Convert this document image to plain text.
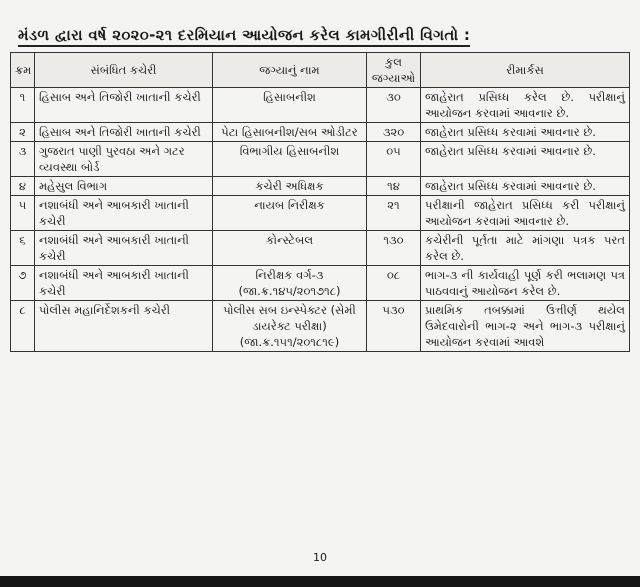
મંડળ દ્વારા વર્ષ ૨૦૨૦-૨૧ દરમિયાન આયોજન કરેલ કામગીરીની વિગતો :
ક્રમ	સંબંધિત કચેરી	જગ્યાનું નામ	કુલ જગ્યાઓ	રીમાર્કસ
૧	હિસાબ અને તિજોરી ખાતાની કચેરી	હિસાબનીશ	૩૦	જાહેરાત પ્રસિધ્ધ કરેલ છે. પરીક્ષાનું આયોજન કરવામાં આવનાર છે.
૨	હિસાબ અને તિજોરી ખાતાની કચેરી	પેટા હિસાબનીશ/સબ ઓડીટર	૩૨૦	જાહેરાત પ્રસિધ્ધ કરવામાં આવનાર છે.
૩	ગુજરાત પાણી પુરવઠા અને ગટર વ્યવસ્થા બોર્ડ	વિભાગીય હિસાબનીશ	૦૫	જાહેરાત પ્રસિધ્ધ કરવામાં આવનાર છે.
૪	મહેસુલ વિભાગ	કચેરી અધિક્ષક	૧૪	જાહેરાત પ્રસિધ્ધ કરવામાં આવનાર છે.
૫	નશાબંધી અને આબકારી ખાતાની કચેરી	નાયબ નિરીક્ષક	૨૧	પરીક્ષાની જાહેરાત પ્રસિધ્ધ કરી પરીક્ષાનું આયોજન કરવામાં આવનાર છે.
૬	નશાબંધી અને આબકારી ખાતાની કચેરી	કોન્સ્ટેબલ	૧૩૦	કચેરીની પૂર્તતા માટે માંગણા પત્રક પરત કરેલ છે.
૭	નશાબંધી અને આબકારી ખાતાની કચેરી	નિરીક્ષક વર્ગ-૩ (જા.ક્ર.૧૪૫/૨૦૧૭૧૮)	૦૮	ભાગ-૩ ની કાર્યવાહી પૂર્ણ કરી ભલામણ પત્ર પાઠવવાનું આયોજન કરેલ છે.
૮	પોલીસ મહાનિર્દેશકની કચેરી	પોલીસ સબ ઇન્સ્પેક્ટર (સેમી ડાયરેક્ટ પરીક્ષા) (જા.ક્ર.૧૫૧/૨૦૧૮૧૯)	૫૩૦	પ્રાથમિક તબક્કામાં ઉત્તીર્ણ થયેલ ઉમેદવારોની ભાગ-૨ અને ભાગ-૩ પરીક્ષાનું આયોજન કરવામાં આવશે
10
